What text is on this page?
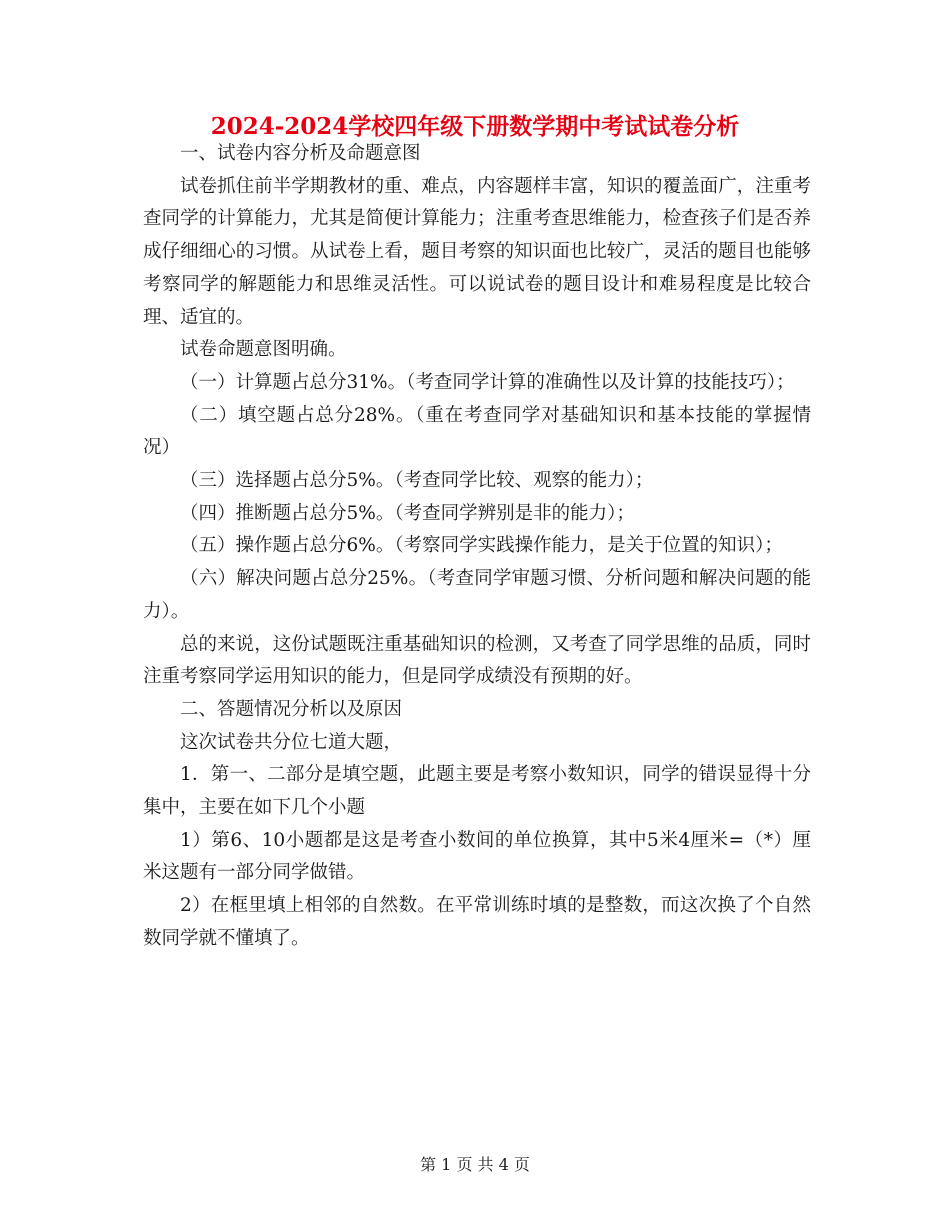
2024-2024学校四年级下册数学期中考试试卷分析

一、试卷内容分析及命题意图

试卷抓住前半学期教材的重、难点，内容题样丰富，知识的覆盖面广，注重考查同学的计算能力，尤其是简便计算能力；注重考查思维能力，检查孩子们是否养成仔细细心的习惯。从试卷上看，题目考察的知识面也比较广，灵活的题目也能够考察同学的解题能力和思维灵活性。可以说试卷的题目设计和难易程度是比较合理、适宜的。

试卷命题意图明确。

（一）计算题占总分31%。（考查同学计算的准确性以及计算的技能技巧）；

（二）填空题占总分28%。（重在考查同学对基础知识和基本技能的掌握情况）

（三）选择题占总分5%。（考查同学比较、观察的能力）；

（四）推断题占总分5%。（考查同学辨别是非的能力）；

（五）操作题占总分6%。（考察同学实践操作能力，是关于位置的知识）；

（六）解决问题占总分25%。（考查同学审题习惯、分析问题和解决问题的能力）。

总的来说，这份试题既注重基础知识的检测，又考查了同学思维的品质，同时注重考察同学运用知识的能力，但是同学成绩没有预期的好。

二、答题情况分析以及原因

这次试卷共分位七道大题，

1．第一、二部分是填空题，此题主要是考察小数知识，同学的错误显得十分集中，主要在如下几个小题

1）第6、10小题都是这是考查小数间的单位换算，其中5米4厘米=（*）厘米这题有一部分同学做错。

2）在框里填上相邻的自然数。在平常训练时填的是整数，而这次换了个自然数同学就不懂填了。

第 1 页 共 4 页
